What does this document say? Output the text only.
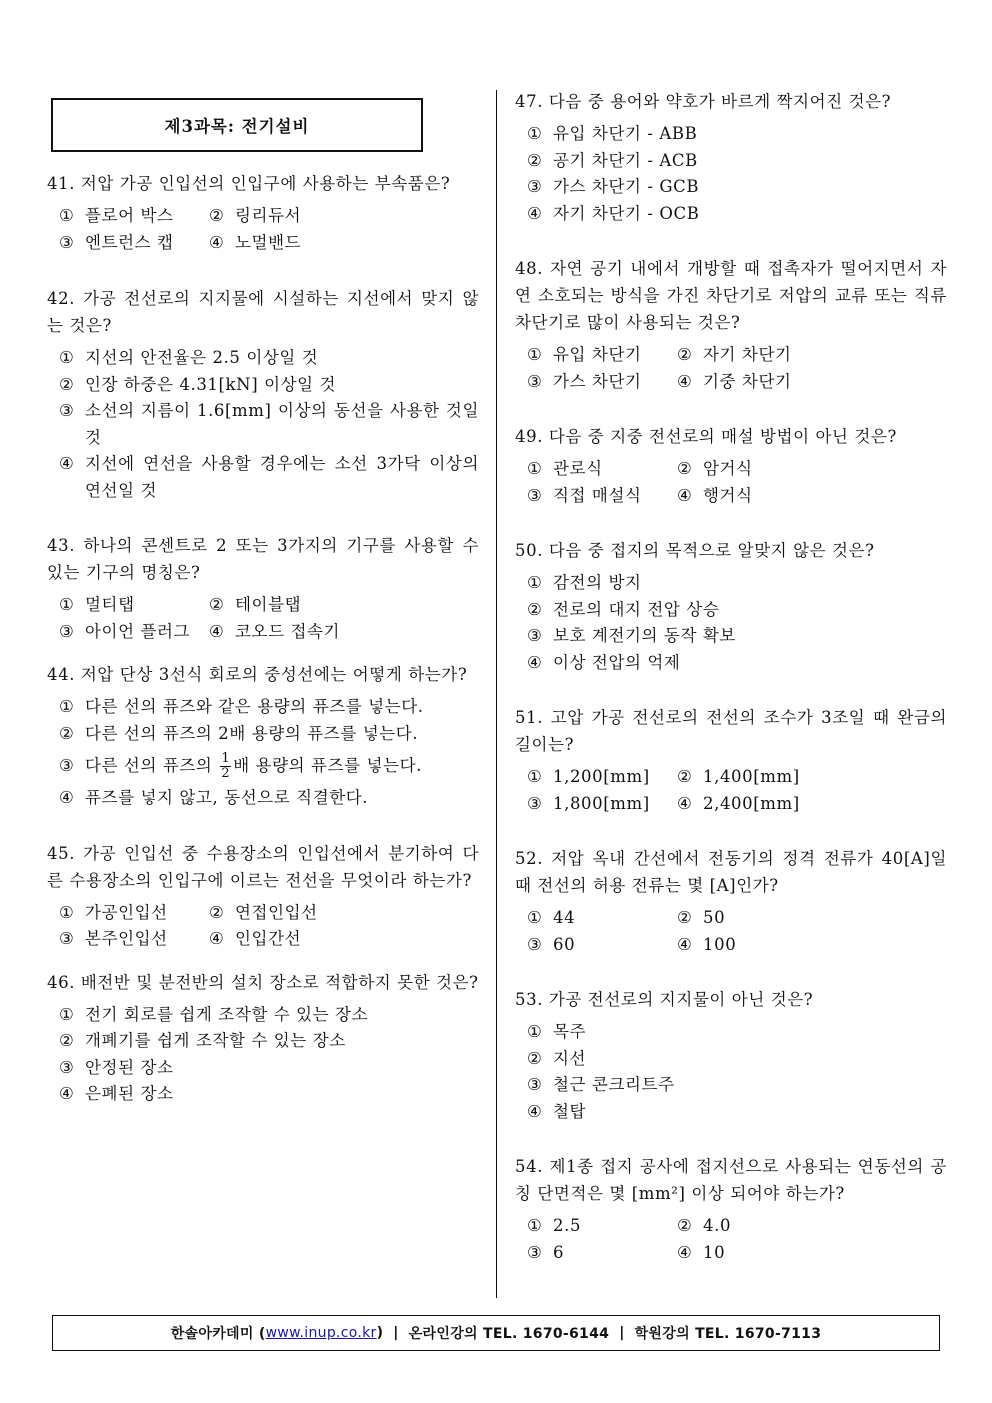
제3과목: 전기설비
41. 저압 가공 인입선의 인입구에 사용하는 부속품은?
① 플로어 박스	② 링리듀서
③ 엔트런스 캡	④ 노멀밴드
42. 가공 전선로의 지지물에 시설하는 지선에서 맞지 않는 것은?
① 지선의 안전율은 2.5 이상일 것
② 인장 하중은 4.31[kN] 이상일 것
③ 소선의 지름이 1.6[mm] 이상의 동선을 사용한 것일 것
④ 지선에 연선을 사용할 경우에는 소선 3가닥 이상의 연선일 것
43. 하나의 콘센트로 2 또는 3가지의 기구를 사용할 수 있는 기구의 명칭은?
① 멀티탭	② 테이블탭
③ 아이언 플러그	④ 코오드 접속기
44. 저압 단상 3선식 회로의 중성선에는 어떻게 하는가?
① 다른 선의 퓨즈와 같은 용량의 퓨즈를 넣는다.
② 다른 선의 퓨즈의 2배 용량의 퓨즈를 넣는다.
③ 다른 선의 퓨즈의 $\frac{1}{2}$ 배 용량의 퓨즈를 넣는다.
④ 퓨즈를 넣지 않고, 동선으로 직결한다.
45. 가공 인입선 중 수용장소의 인입선에서 분기하여 다른 수용장소의 인입구에 이르는 전선을 무엇이라 하는가?
① 가공인입선	② 연접인입선
③ 본주인입선	④ 인입간선
46. 배전반 및 분전반의 설치 장소로 적합하지 못한 것은?
① 전기 회로를 쉽게 조작할 수 있는 장소
② 개폐기를 쉽게 조작할 수 있는 장소
③ 안정된 장소
④ 은폐된 장소
47. 다음 중 용어와 약호가 바르게 짝지어진 것은?
① 유입 차단기 - ABB
② 공기 차단기 - ACB
③ 가스 차단기 - GCB
④ 자기 차단기 - OCB
48. 자연 공기 내에서 개방할 때 접촉자가 떨어지면서 자연 소호되는 방식을 가진 차단기로 저압의 교류 또는 직류 차단기로 많이 사용되는 것은?
① 유입 차단기	② 자기 차단기
③ 가스 차단기	④ 기중 차단기
49. 다음 중 지중 전선로의 매설 방법이 아닌 것은?
① 관로식	② 암거식
③ 직접 매설식	④ 행거식
50. 다음 중 접지의 목적으로 알맞지 않은 것은?
① 감전의 방지
② 전로의 대지 전압 상승
③ 보호 계전기의 동작 확보
④ 이상 전압의 억제
51. 고압 가공 전선로의 전선의 조수가 3조일 때 완금의 길이는?
① 1,200[mm]	② 1,400[mm]
③ 1,800[mm]	④ 2,400[mm]
52. 저압 옥내 간선에서 전동기의 정격 전류가 40[A]일 때 전선의 허용 전류는 몇 [A]인가?
① 44	② 50
③ 60	④ 100
53. 가공 전선로의 지지물이 아닌 것은?
① 목주
② 지선
③ 철근 콘크리트주
④ 철탑
54. 제1종 접지 공사에 접지선으로 사용되는 연동선의 공칭 단면적은 몇 [mm²] 이상 되어야 하는가?
① 2.5	② 4.0
③ 6	④ 10
한솔아카데미 ( www.inup.co.kr ) | 온라인강의 TEL. 1670-6144 | 학원강의 TEL. 1670-7113
